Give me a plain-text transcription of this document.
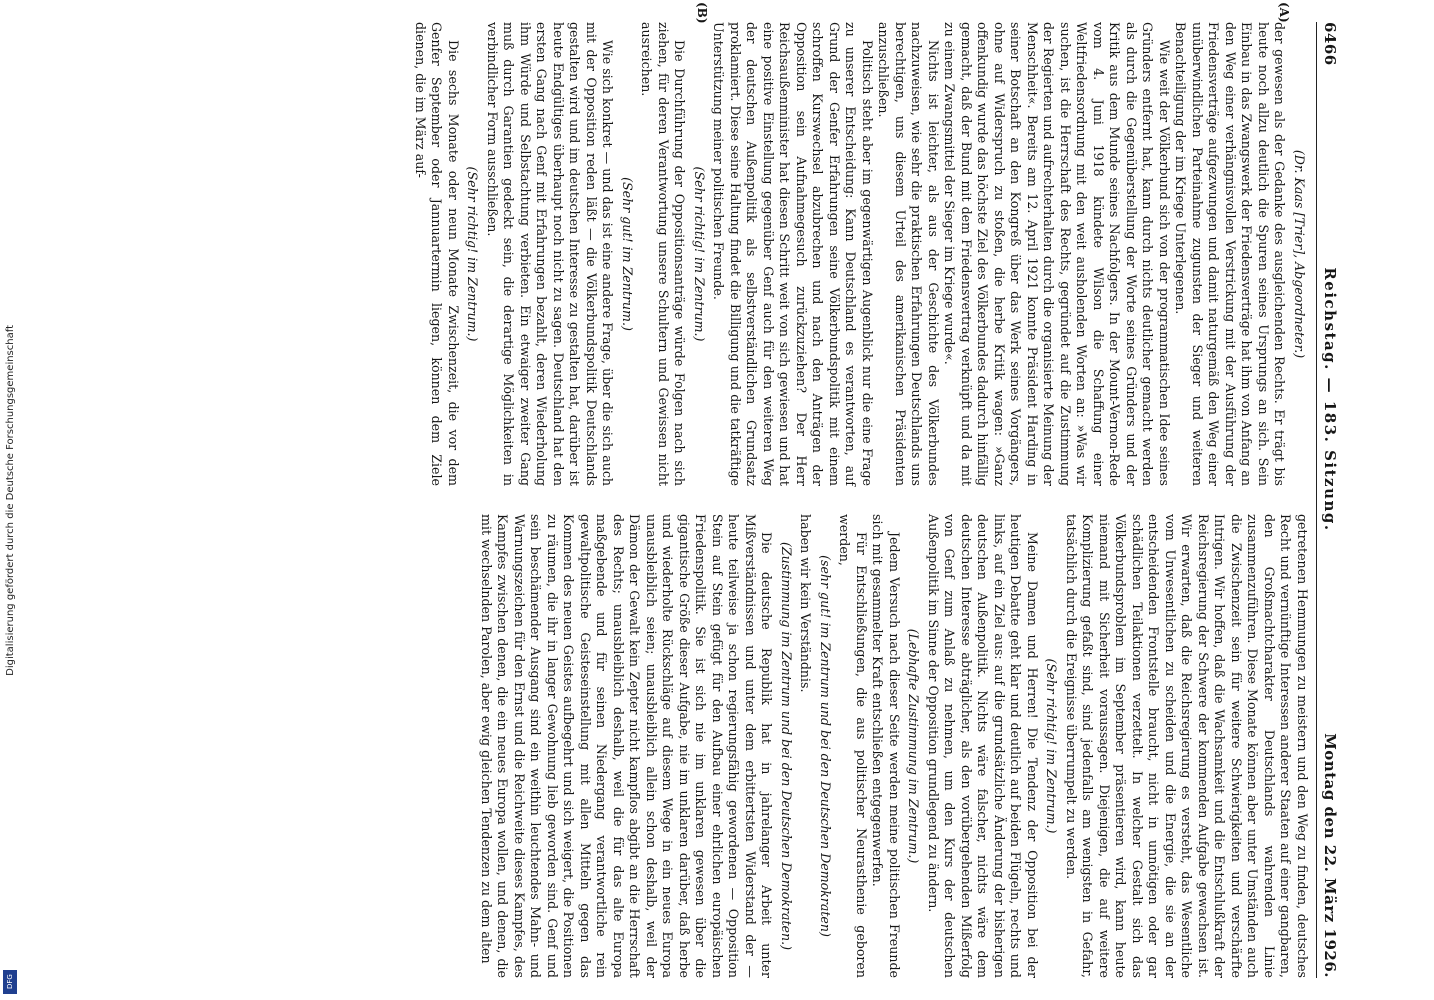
Digitalisierung gefördert durch die Deutsche Forschungsgemeinschaft
DFG
6466
Reichstag. — 183. Sitzung.
Montag den 22. März 1926.

(Dr. Kaas [Trier], Abgeordneter.)

(A)

der gewesen als der Gedanke des ausgleichenden Rechts. Er trägt bis heute noch allzu deutlich die Spuren seines Ursprungs an sich. Sein Einbau in das Zwangswerk der Friedensverträge hat ihm von Anfang an den Weg einer verhängnisvollen Verstrickung mit der Ausführung der Friedensverträge aufgezwungen und damit naturgemäß den Weg einer unüberwindlichen Parteinahme zugunsten der Sieger und weiteren Benachteiligung der im Kriege Unterlegenen.

Wie weit der Völkerbund sich von der programmatischen Idee seines Gründers entfernt hat, kann durch nichts deutlicher gemacht werden als durch die Gegenüberstellung der Worte seines Gründers und der Kritik aus dem Munde seines Nachfolgers. In der Mount-Vernon-Rede vom 4. Juni 1918 kündete Wilson die Schaffung einer Weltfriedensordnung mit den weit ausholenden Worten an: »Was wir suchen, ist die Herrschaft des Rechts, gegründet auf die Zustimmung der Regierten und aufrechterhalten durch die organisierte Meinung der Menschheit«. Bereits am 12. April 1921 konnte Präsident Harding in seiner Botschaft an den Kongreß über das Werk seines Vorgängers, ohne auf Widerspruch zu stoßen, die herbe Kritik wagen: »Ganz offenkundig wurde das höchste Ziel des Völkerbundes dadurch hinfällig gemacht, daß der Bund mit dem Friedensvertrag verknüpft und da mit zu einem Zwangsmittel der Sieger im Kriege wurde«.

Nichts ist leichter, als aus der Geschichte des Völkerbundes nachzuweisen, wie sehr die praktischen Erfahrungen Deutschlands uns berechtigen, uns diesem Urteil des amerikanischen Präsidenten anzuschließen.

(B)

Politisch steht aber im gegenwärtigen Augenblick nur die eine Frage zu unserer Entscheidung: Kann Deutschland es verantworten, auf Grund der Genfer Erfahrungen seine Völkerbundspolitik mit einem schroffen Kurswechsel abzubrechen und nach den Anträgen der Opposition sein Aufnahmegesuch zurückzuziehen? Der Herr Reichsaußenminister hat diesen Schritt weit von sich gewiesen und hat eine positive Einstellung gegenüber Genf auch für den weiteren Weg der deutschen Außenpolitik als selbstverständlichen Grundsatz proklamiert. Diese seine Haltung findet die Billigung und die tatkräftige Unterstützung meiner politischen Freunde.

(Sehr richtig! im Zentrum.)

Die Durchführung der Oppositionsanträge würde Folgen nach sich ziehen, für deren Verantwortung unsere Schultern und Gewissen nicht ausreichen.

(Sehr gut! im Zentrum.)

Wie sich konkret — und das ist eine andere Frage, über die sich auch mit der Opposition reden läßt — die Völkerbundspolitik Deutschlands gestalten wird und im deutschen Interesse zu gestalten hat, darüber ist heute Endgültiges überhaupt noch nicht zu sagen. Deutschland hat den ersten Gang nach Genf mit Erfahrungen bezahlt, deren Wiederholung ihm Würde und Selbstachtung verbieten. Ein etwaiger zweiter Gang muß durch Garantien gedeckt sein, die derartige Möglichkeiten in verbindlicher Form ausschließen.

(Sehr richtig! im Zentrum.)

Die sechs Monate oder neun Monate Zwischenzeit, die vor dem Genfer September oder Jannuartermin liegen, können dem Ziele dienen, die im März auf-

getretenen Hemmungen zu meistern und den Weg zu finden, deutsches Recht und vernünftige Interessen anderer Staaten auf einer gangbaren, den Großmachtcharakter Deutschlands wahrenden Linie zusammenzuführen. Diese Monate können aber unter Umständen auch die Zwischenzeit sein für weitere Schwierigkeiten und verschärfte Intrigen. Wir hoffen, daß die Wachsamkeit und die Entschlußkraft der Reichsregierung der Schwere der kommenden Aufgabe gewachsen ist. Wir erwarten, daß die Reichsregierung es versteht, das Wesentliche vom Unwesentlichen zu scheiden und die Energie, die sie an der entscheidenden Frontstelle braucht, nicht in unnötigen oder gar schädlichen Teilaktionen verzettelt. In welcher Gestalt sich das Völkerbundsproblem im September präsentieren wird, kann heute niemand mit Sicherheit voraussagen. Diejenigen, die auf weitere Komplizierung gefaßt sind, sind jedenfalls am wenigsten in Gefahr, tatsächlich durch die Ereignisse überrumpelt zu werden.

(Sehr richtig! im Zentrum.)

Meine Damen und Herren! Die Tendenz der Opposition bei der heutigen Debatte geht klar und deutlich auf beiden Flügeln, rechts und links, auf ein Ziel aus: auf die grundsätzliche Änderung der bisherigen deutschen Außenpolitik. Nichts wäre falscher, nichts wäre dem deutschen Interesse abträglicher, als den vorübergehenden Mißerfolg von Genf zum Anlaß zu nehmen, um den Kurs der deutschen Außenpolitik im Sinne der Opposition grundlegend zu ändern.

(Lebhafte Zustimmung im Zentrum.)

Jedem Versuch nach dieser Seite werden meine politischen Freunde sich mit gesammelter Kraft entschließen entgegenwerfen.

Für Entschließungen, die aus politischer Neurasthenie geboren werden,

(sehr gut! im Zentrum und bei den Deutschen Demokraten)

haben wir kein Verständnis.

(Zustimmung im Zentrum und bei den Deutschen Demokraten.)

Die deutsche Republik hat in jahrelanger Arbeit unter Mißverständnissen und unter dem erbittertsten Widerstand der — heute teilweise ja schon regierungsfähig gewordenen — Opposition Stein auf Stein gefügt für den Aufbau einer ehrlichen europäischen Friedenspolitik. Sie ist sich nie im unklaren gewesen über die gigantische Größe dieser Aufgabe, nie im unklaren darüber, daß herbe und wiederholte Rückschläge auf diesem Wege in ein neues Europa unausbleiblich seien; unausbleiblich allein schon deshalb, weil der Dämon der Gewalt kein Zepter nicht kampflos abgibt an die Herrschaft des Rechts; unausbleiblich deshalb, weil die für das alte Europa maßgebende und für seinen Niedergang verantwortliche rein gewaltpolitische Geisteseinstellung mit allen Mitteln gegen das Kommen des neuen Geistes aufbegehrt und sich weigert, die Positionen zu räumen, die ihr in langer Gewohnung lieb geworden sind. Genf und sein beschämender Ausgang sind ein weithin leuchtendes Mahn- und Warnungszeichen für den Ernst und die Reichweite dieses Kampfes, des Kampfes zwischen denen, die ein neues Europa wollen, und denen, die mit wechselnden Parolen, aber ewig gleichen Tendenzen zu dem alten
